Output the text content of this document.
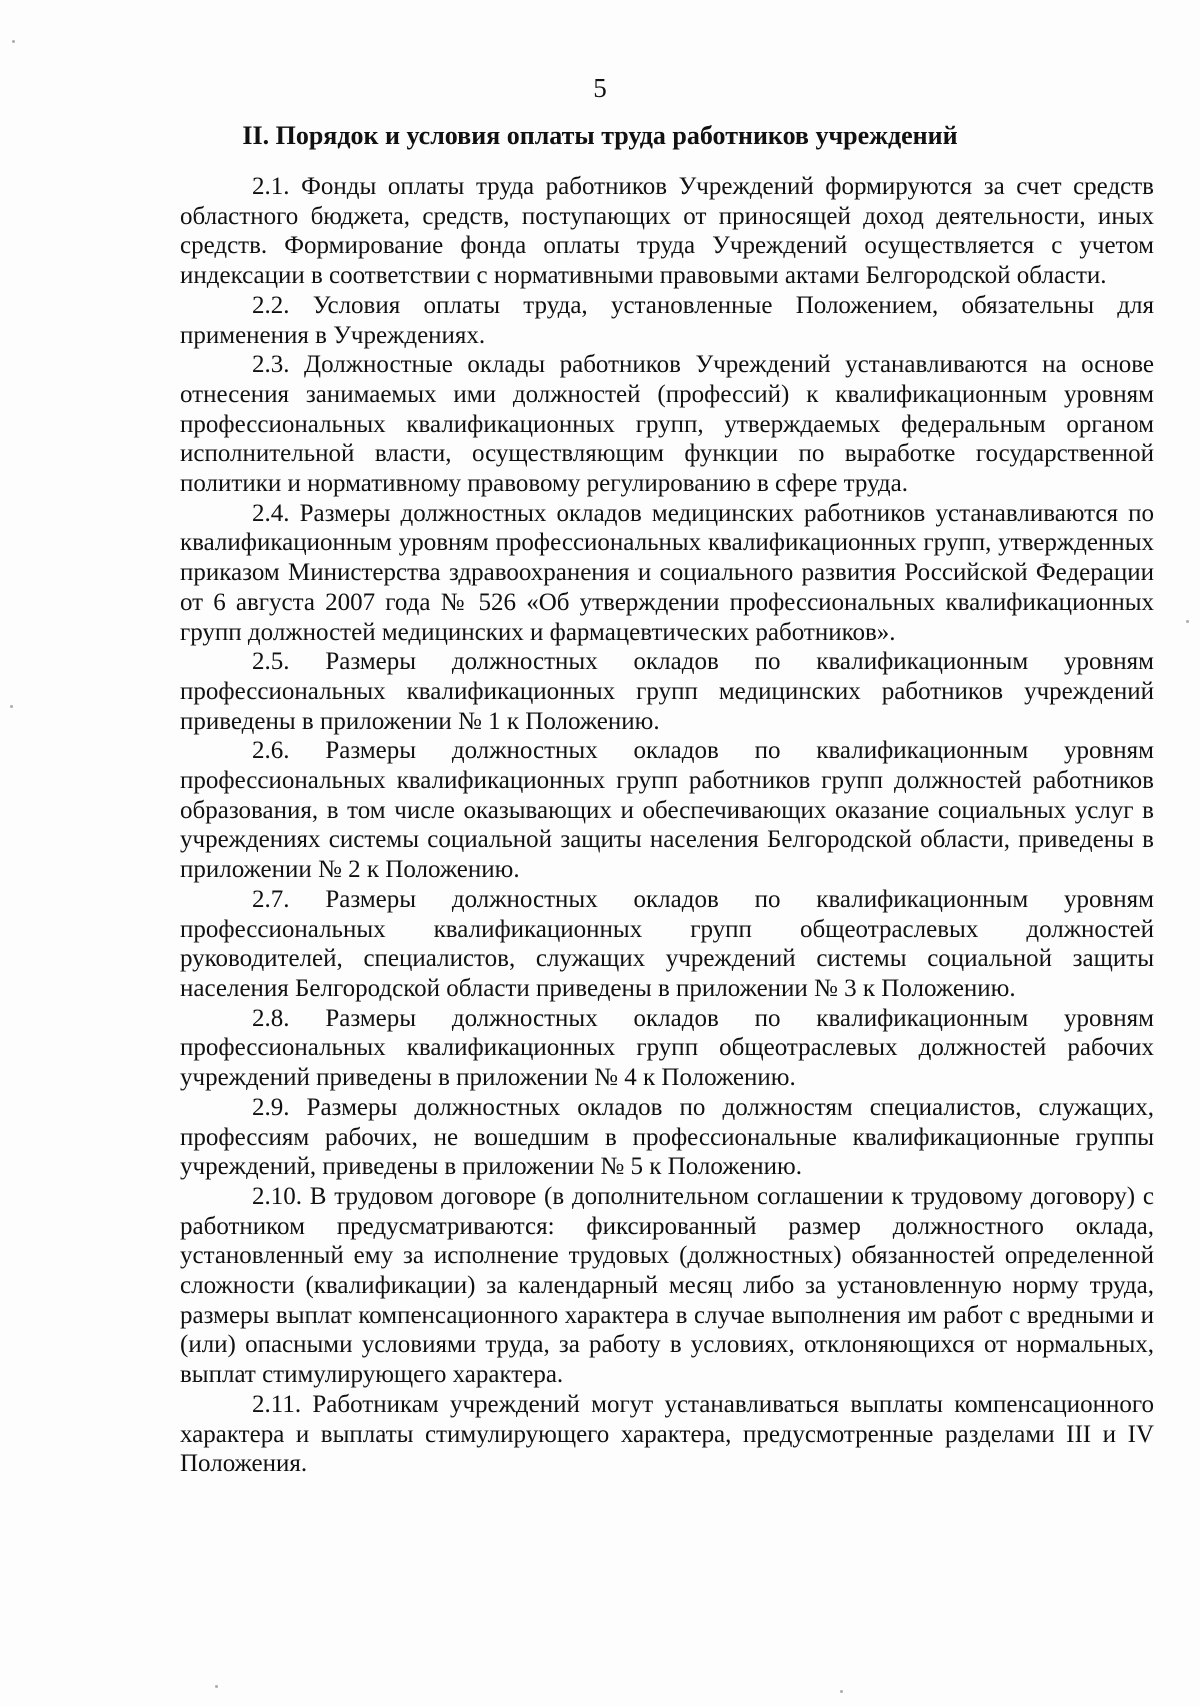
5
II. Порядок и условия оплаты труда работников учреждений

2.1. Фонды оплаты труда работников Учреждений формируются за счет средств областного бюджета, средств, поступающих от приносящей доход деятельности, иных средств. Формирование фонда оплаты труда Учреждений осуществляется с учетом индексации в соответствии с нормативными правовыми актами Белгородской области.

2.2. Условия оплаты труда, установленные Положением, обязательны для применения в Учреждениях.

2.3. Должностные оклады работников Учреждений устанавливаются на основе отнесения занимаемых ими должностей (профессий) к квалификационным уровням профессиональных квалификационных групп, утверждаемых федеральным органом исполнительной власти, осуществляющим функции по выработке государственной политики и нормативному правовому регулированию в сфере труда.

2.4. Размеры должностных окладов медицинских работников устанавливаются по квалификационным уровням профессиональных квалификационных групп, утвержденных приказом Министерства здравоохранения и социального развития Российской Федерации от 6 августа 2007 года № 526 «Об утверждении профессиональных квалификационных групп должностей медицинских и фармацевтических работников».

2.5. Размеры должностных окладов по квалификационным уровням профессиональных квалификационных групп медицинских работников учреждений приведены в приложении № 1 к Положению.

2.6. Размеры должностных окладов по квалификационным уровням профессиональных квалификационных групп работников групп должностей работников образования, в том числе оказывающих и обеспечивающих оказание социальных услуг в учреждениях системы социальной защиты населения Белгородской области, приведены в приложении № 2 к Положению.

2.7. Размеры должностных окладов по квалификационным уровням профессиональных квалификационных групп общеотраслевых должностей руководителей, специалистов, служащих учреждений системы социальной защиты населения Белгородской области приведены в приложении № 3 к Положению.

2.8. Размеры должностных окладов по квалификационным уровням профессиональных квалификационных групп общеотраслевых должностей рабочих учреждений приведены в приложении № 4 к Положению.

2.9. Размеры должностных окладов по должностям специалистов, служащих, профессиям рабочих, не вошедшим в профессиональные квалификационные группы учреждений, приведены в приложении № 5 к Положению.

2.10. В трудовом договоре (в дополнительном соглашении к трудовому договору) с работником предусматриваются: фиксированный размер должностного оклада, установленный ему за исполнение трудовых (должностных) обязанностей определенной сложности (квалификации) за календарный месяц либо за установленную норму труда, размеры выплат компенсационного характера в случае выполнения им работ с вредными и (или) опасными условиями труда, за работу в условиях, отклоняющихся от нормальных, выплат стимулирующего характера.

2.11. Работникам учреждений могут устанавливаться выплаты компенсационного характера и выплаты стимулирующего характера, предусмотренные разделами III и IV Положения.
